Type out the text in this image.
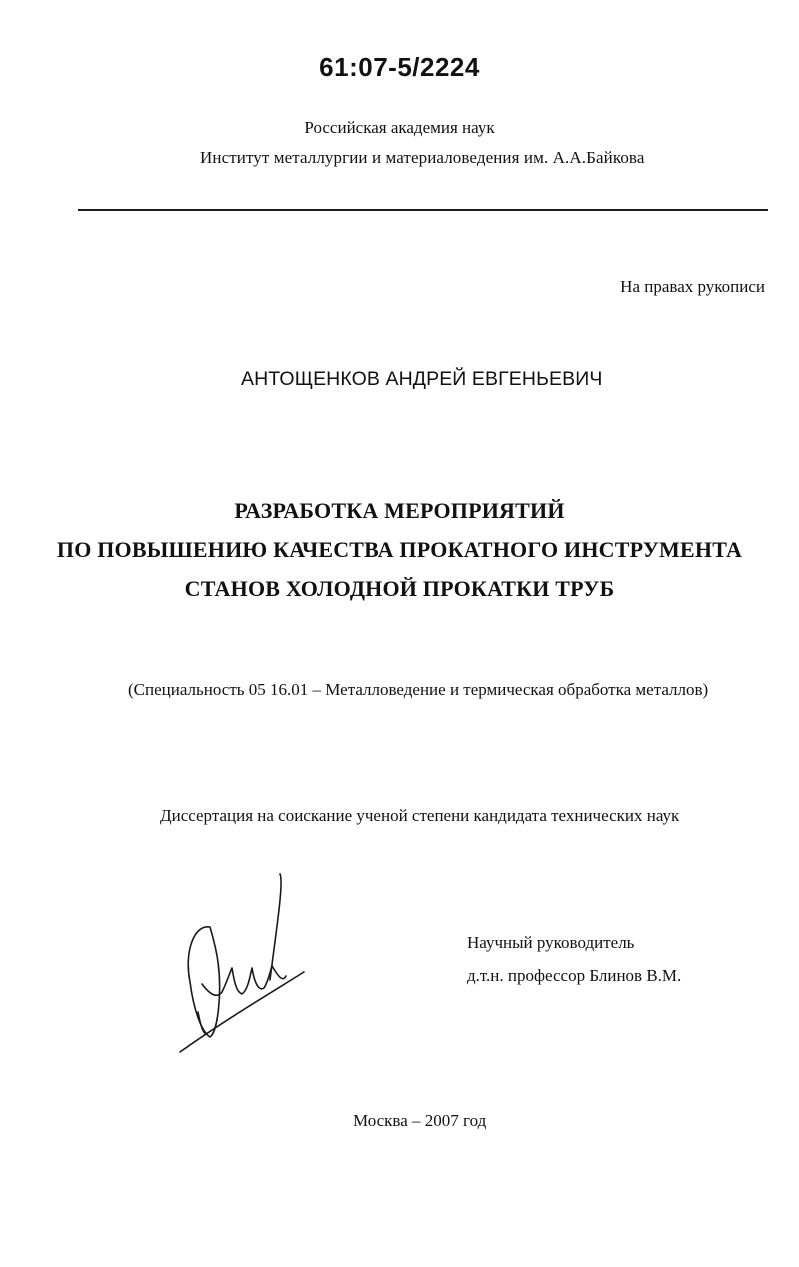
61:07-5/2224
Российская академия наук
Институт металлургии и материаловедения им. А.А.Байкова
На правах рукописи
АНТОЩЕНКОВ АНДРЕЙ ЕВГЕНЬЕВИЧ
РАЗРАБОТКА МЕРОПРИЯТИЙ
ПО ПОВЫШЕНИЮ КАЧЕСТВА ПРОКАТНОГО ИНСТРУМЕНТА
СТАНОВ ХОЛОДНОЙ ПРОКАТКИ ТРУБ
(Специальность 05 16.01 – Металловедение и термическая обработка металлов)
Диссертация на соискание ученой степени кандидата технических наук
Научный руководитель
д.т.н. профессор Блинов В.М.
Москва – 2007 год
